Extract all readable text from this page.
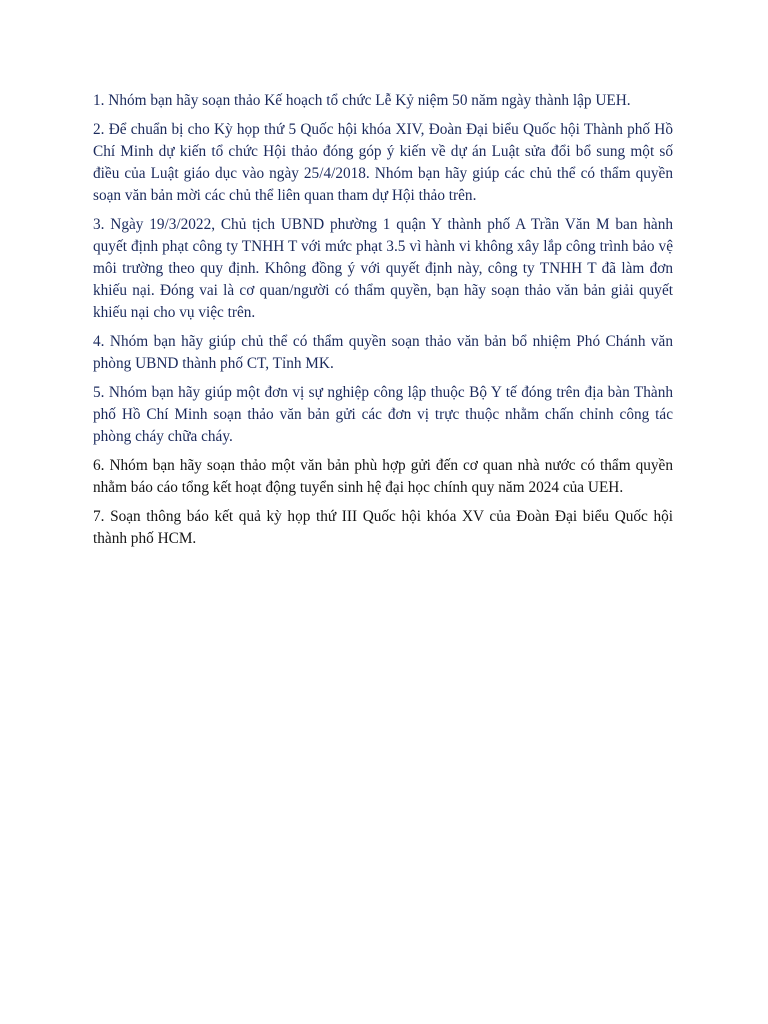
1. Nhóm bạn hãy soạn thảo Kế hoạch tổ chức Lễ Kỷ niệm 50 năm ngày thành lập UEH.

2. Để chuẩn bị cho Kỳ họp thứ 5 Quốc hội khóa XIV, Đoàn Đại biểu Quốc hội Thành phố Hồ Chí Minh dự kiến tổ chức Hội thảo đóng góp ý kiến về dự án Luật sửa đổi bổ sung một số điều của Luật giáo dục vào ngày 25/4/2018. Nhóm bạn hãy giúp các chủ thể có thẩm quyền soạn văn bản mời các chủ thể liên quan tham dự Hội thảo trên.

3. Ngày 19/3/2022, Chủ tịch UBND phường 1 quận Y thành phố A Trần Văn M ban hành quyết định phạt công ty TNHH T với mức phạt 3.5 vì hành vi không xây lắp công trình bảo vệ môi trường theo quy định. Không đồng ý với quyết định này, công ty TNHH T đã làm đơn khiếu nại. Đóng vai là cơ quan/người có thẩm quyền, bạn hãy soạn thảo văn bản giải quyết khiếu nại cho vụ việc trên.

4. Nhóm bạn hãy giúp chủ thể có thẩm quyền soạn thảo văn bản bổ nhiệm Phó Chánh văn phòng UBND thành phố CT, Tỉnh MK.

5. Nhóm bạn hãy giúp một đơn vị sự nghiệp công lập thuộc Bộ Y tế đóng trên địa bàn Thành phố Hồ Chí Minh soạn thảo văn bản gửi các đơn vị trực thuộc nhằm chấn chỉnh công tác phòng cháy chữa cháy.

6. Nhóm bạn hãy soạn thảo một văn bản phù hợp gửi đến cơ quan nhà nước có thẩm quyền nhằm báo cáo tổng kết hoạt động tuyển sinh hệ đại học chính quy năm 2024 của UEH.

7. Soạn thông báo kết quả kỳ họp thứ III Quốc hội khóa XV của Đoàn Đại biểu Quốc hội thành phố HCM.
